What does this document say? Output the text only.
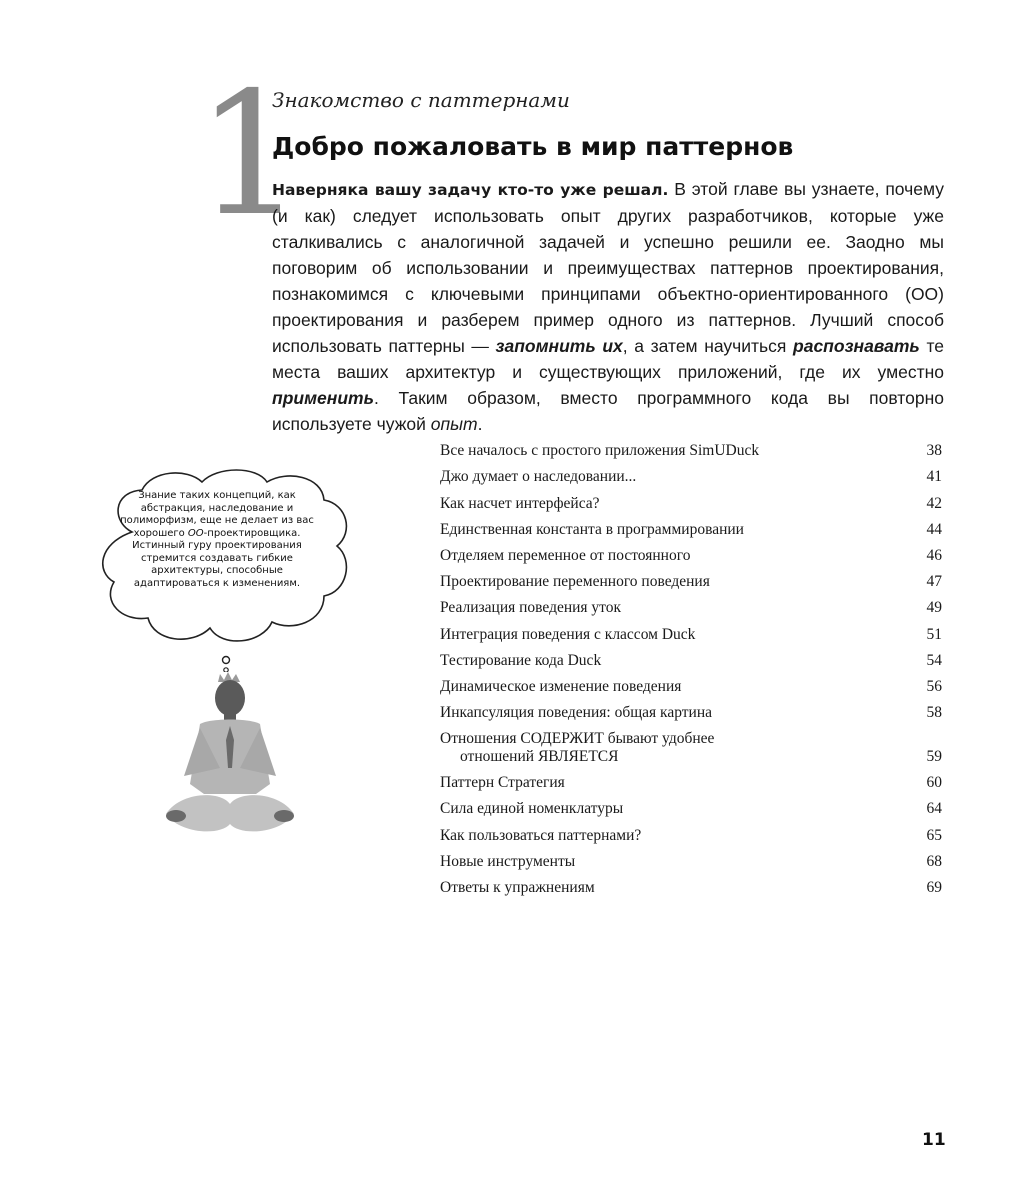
1
Знакомство с паттернами
Добро пожаловать в мир паттернов

Наверняка вашу задачу кто-то уже решал. В этой главе вы узнаете, почему (и как) следует использовать опыт других разработчиков, которые уже сталкивались с аналогичной задачей и успешно решили ее. Заодно мы поговорим об использовании и преимуществах паттернов проектирования, познакомимся с ключевыми принципами объектно-ориентированного (ОО) проектирования и разберем пример одного из паттернов. Лучший способ использовать паттерны — запомнить их, а затем научиться распознавать те места ваших архитектур и существующих приложений, где их уместно применить. Таким образом, вместо программного кода вы повторно используете чужой опыт.

Знание таких концепций, как абстракция, наследование и полиморфизм, еще не делает из вас хорошего ОО-проектировщика. Истинный гуру проектирования стремится создавать гибкие архитектуры, способные адаптироваться к изменениям.
Все началось с простого приложения SimUDuck	38
Джо думает о наследовании...	41
Как насчет интерфейса?	42
Единственная константа в программировании	44
Отделяем переменное от постоянного	46
Проектирование переменного поведения	47
Реализация поведения уток	49
Интеграция поведения с классом Duck	51
Тестирование кода Duck	54
Динамическое изменение поведения	56
Инкапсуляция поведения: общая картина	58
Отношения СОДЕРЖИТ бывают удобнее
отношений ЯВЛЯЕТСЯ	59
Паттерн Стратегия	60
Сила единой номенклатуры	64
Как пользоваться паттернами?	65
Новые инструменты	68
Ответы к упражнениям	69
11
